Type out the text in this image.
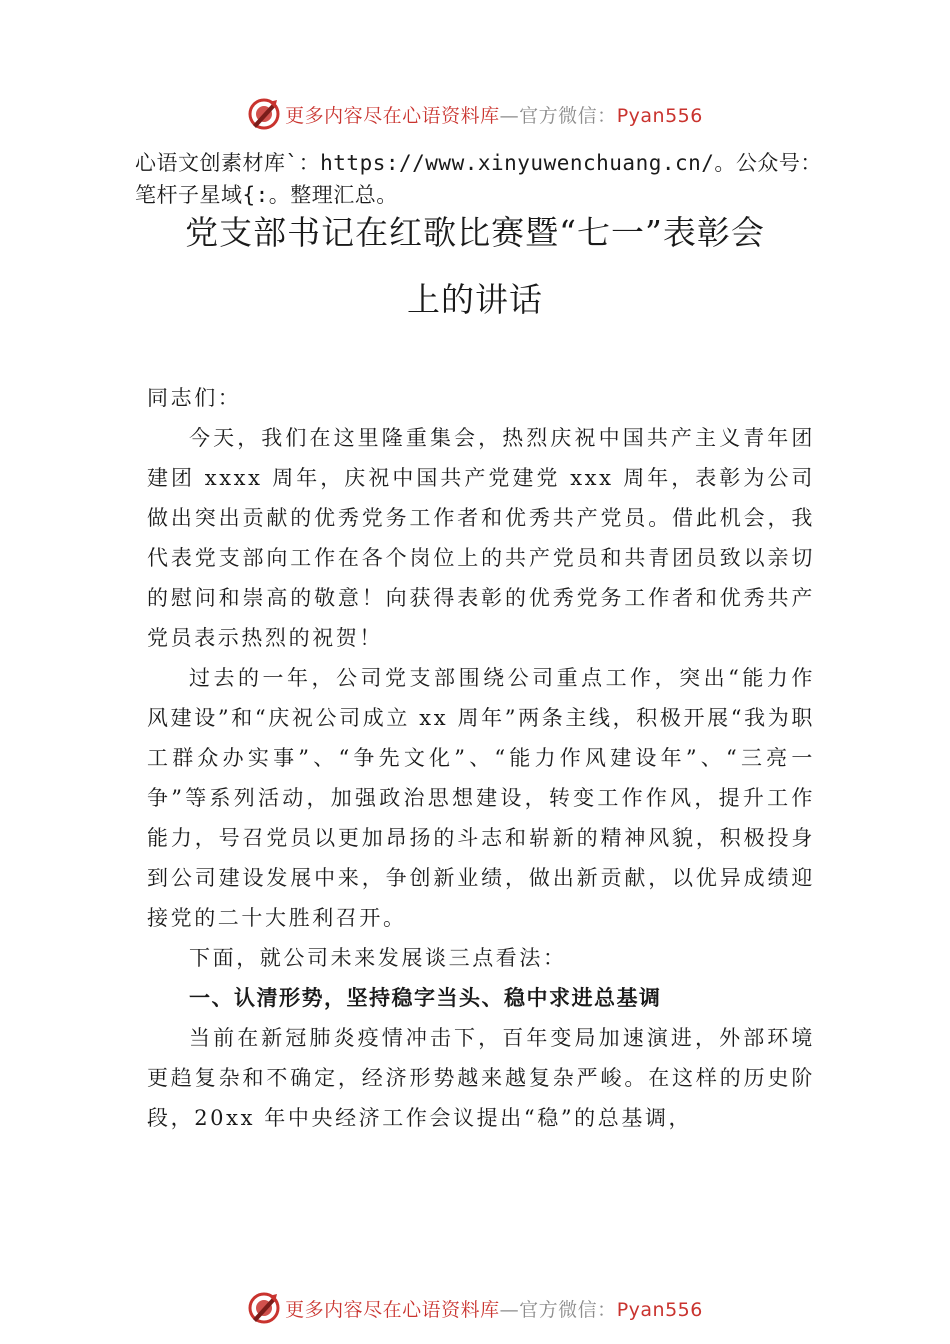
更多内容尽在心语资料库—官方微信：Pyan556
心语文创素材库`：https://www.xinyuwenchuang.cn/。公众号：
笔杆子星域{:。整理汇总。
党支部书记在红歌比赛暨“七一”表彰会
上的讲话

同志们：

今天，我们在这里隆重集会，热烈庆祝中国共产主义青年团建团 xxxx 周年，庆祝中国共产党建党 xxx 周年，表彰为公司做出突出贡献的优秀党务工作者和优秀共产党员。借此机会，我代表党支部向工作在各个岗位上的共产党员和共青团员致以亲切的慰问和崇高的敬意！向获得表彰的优秀党务工作者和优秀共产党员表示热烈的祝贺！

过去的一年，公司党支部围绕公司重点工作，突出“能力作风建设”和“庆祝公司成立 xx 周年”两条主线，积极开展“我为职工群众办实事”、“争先文化”、“能力作风建设年”、“三亮一争”等系列活动，加强政治思想建设，转变工作作风，提升工作能力，号召党员以更加昂扬的斗志和崭新的精神风貌，积极投身到公司建设发展中来，争创新业绩，做出新贡献，以优异成绩迎接党的二十大胜利召开。

下面，就公司未来发展谈三点看法：

一、认清形势，坚持稳字当头、稳中求进总基调

当前在新冠肺炎疫情冲击下，百年变局加速演进，外部环境更趋复杂和不确定，经济形势越来越复杂严峻。在这样的历史阶段，20xx 年中央经济工作会议提出“稳”的总基调，

更多内容尽在心语资料库—官方微信：Pyan556
